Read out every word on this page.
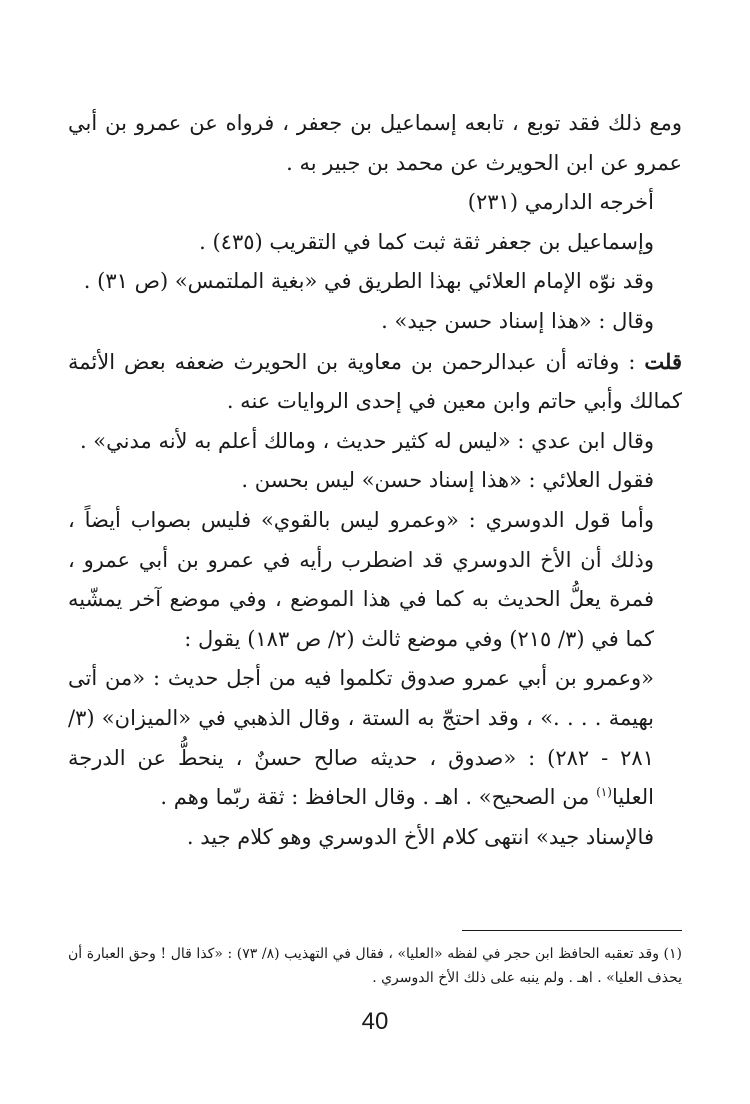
ومع ذلك فقد توبع ، تابعه إسماعيل بن جعفر ، فرواه عن عمرو بن أبي عمرو عن ابن الحويرث عن محمد بن جبير به .

أخرجه الدارمي (٢٣١)

وإسماعيل بن جعفر ثقة ثبت كما في التقريب (٤٣٥) .

وقد نوّه الإمام العلائي بهذا الطريق في «بغية الملتمس» (ص ٣١) .

وقال : «هذا إسناد حسن جيد» .

قلت : وفاته أن عبدالرحمن بن معاوية بن الحويرث ضعفه بعض الأئمة كمالك وأبي حاتم وابن معين في إحدى الروايات عنه .

وقال ابن عدي : «ليس له كثير حديث ، ومالك أعلم به لأنه مدني» .

فقول العلائي : «هذا إسناد حسن» ليس بحسن .

وأما قول الدوسري : «وعمرو ليس بالقوي» فليس بصواب أيضاً ، وذلك أن الأخ الدوسري قد اضطرب رأيه في عمرو بن أبي عمرو ، فمرة يعلُّ الحديث به كما في هذا الموضع ، وفي موضع آخر يمشّيه كما في (٣/ ٢١٥) وفي موضع ثالث (٢/ ص ١٨٣) يقول :

«وعمرو بن أبي عمرو صدوق تكلموا فيه من أجل حديث : «من أتى بهيمة . . . .» ، وقد احتجّ به الستة ، وقال الذهبي في «الميزان» (٣/ ٢٨١ - ٢٨٢) : «صدوق ، حديثه صالح حسنٌ ، ينحطُّ عن الدرجة العليا$^{(١)}$ من الصحيح» . اهـ . وقال الحافظ : ثقة ربّما وهم .

فالإسناد جيد» انتهى كلام الأخ الدوسري وهو كلام جيد .

(١) وقد تعقبه الحافظ ابن حجر في لفظه «العليا» ، فقال في التهذيب (٨/ ٧٣) : «كذا قال ! وحق العبارة أن يحذف العليا» . اهـ . ولم ينبه على ذلك الأخ الدوسري .

40
